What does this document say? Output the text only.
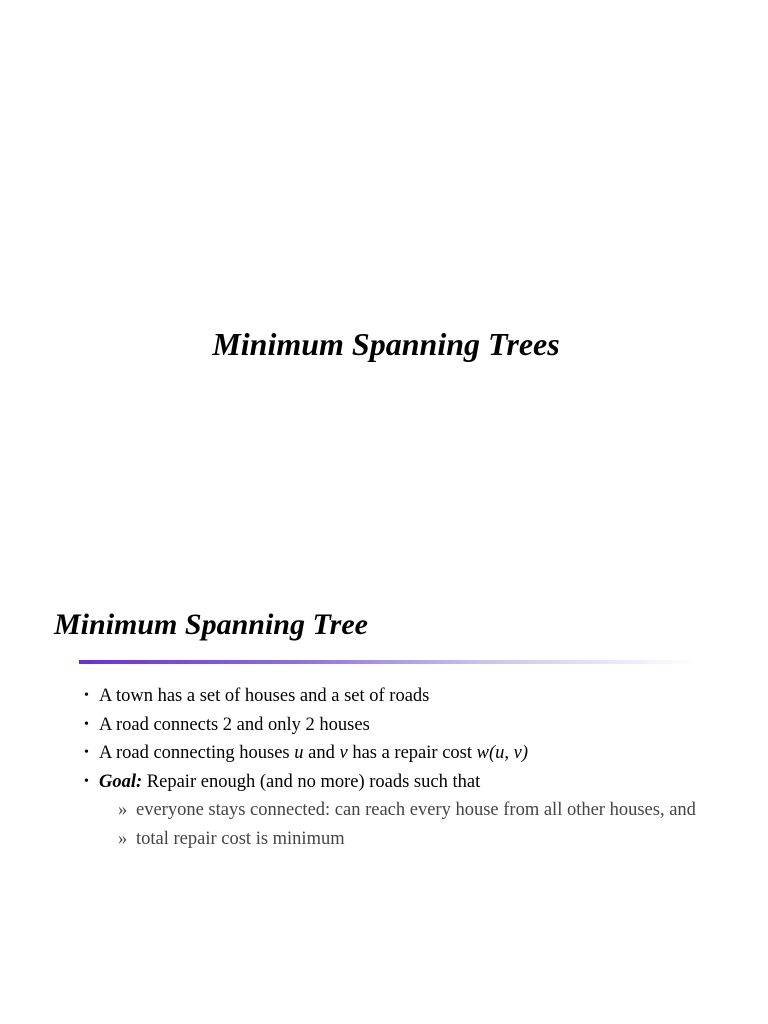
Minimum Spanning Trees
Minimum Spanning Tree
• A town has a set of houses and a set of roads
• A road connects 2 and only 2 houses
• A road connecting houses u and v has a repair cost w(u, v)
• Goal: Repair enough (and no more) roads such that
» everyone stays connected: can reach every house from all other houses, and
» total repair cost is minimum
